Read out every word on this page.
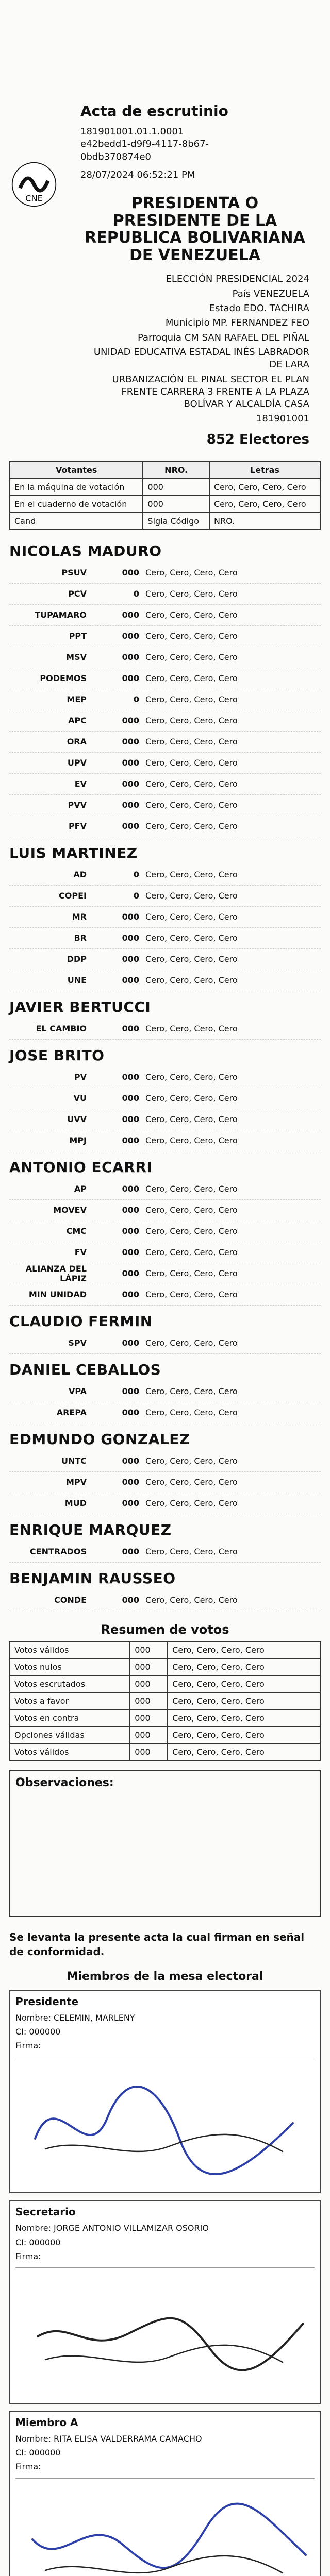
CNE
Acta de escrutinio
181901001.01.1.0001
e42bedd1-d9f9-4117-8b67-
0bdb370874e0
28/07/2024 06:52:21 PM
PRESIDENTA O PRESIDENTE DE LA REPUBLICA BOLIVARIANA DE VENEZUELA
ELECCIÓN PRESIDENCIAL 2024
País VENEZUELA
Estado EDO. TACHIRA
Municipio MP. FERNANDEZ FEO
Parroquia CM SAN RAFAEL DEL PIÑAL
UNIDAD EDUCATIVA ESTADAL INÉS LABRADOR DE LARA
URBANIZACIÓN EL PINAL SECTOR EL PLAN FRENTE CARRERA 3 FRENTE A LA PLAZA BOLÍVAR Y ALCALDÍA CASA
181901001
852 Electores
Votantes	NRO.	Letras
En la máquina de votación	000	Cero, Cero, Cero, Cero
En el cuaderno de votación	000	Cero, Cero, Cero, Cero
Cand	Sigla Código	NRO.
NICOLAS MADURO
PSUV	000 Cero, Cero, Cero, Cero
PCV	0 Cero, Cero, Cero, Cero
TUPAMARO	000 Cero, Cero, Cero, Cero
PPT	000 Cero, Cero, Cero, Cero
MSV	000 Cero, Cero, Cero, Cero
PODEMOS	000 Cero, Cero, Cero, Cero
MEP	0 Cero, Cero, Cero, Cero
APC	000 Cero, Cero, Cero, Cero
ORA	000 Cero, Cero, Cero, Cero
UPV	000 Cero, Cero, Cero, Cero
EV	000 Cero, Cero, Cero, Cero
PVV	000 Cero, Cero, Cero, Cero
PFV	000 Cero, Cero, Cero, Cero
LUIS MARTINEZ
AD	0 Cero, Cero, Cero, Cero
COPEI	0 Cero, Cero, Cero, Cero
MR	000 Cero, Cero, Cero, Cero
BR	000 Cero, Cero, Cero, Cero
DDP	000 Cero, Cero, Cero, Cero
UNE	000 Cero, Cero, Cero, Cero
JAVIER BERTUCCI
EL CAMBIO	000 Cero, Cero, Cero, Cero
JOSE BRITO
PV	000 Cero, Cero, Cero, Cero
VU	000 Cero, Cero, Cero, Cero
UVV	000 Cero, Cero, Cero, Cero
MPJ	000 Cero, Cero, Cero, Cero
ANTONIO ECARRI
AP	000 Cero, Cero, Cero, Cero
MOVEV	000 Cero, Cero, Cero, Cero
CMC	000 Cero, Cero, Cero, Cero
FV	000 Cero, Cero, Cero, Cero
ALIANZA DEL LÁPIZ	000 Cero, Cero, Cero, Cero
MIN UNIDAD	000 Cero, Cero, Cero, Cero
CLAUDIO FERMIN
SPV	000 Cero, Cero, Cero, Cero
DANIEL CEBALLOS
VPA	000 Cero, Cero, Cero, Cero
AREPA	000 Cero, Cero, Cero, Cero
EDMUNDO GONZALEZ
UNTC	000 Cero, Cero, Cero, Cero
MPV	000 Cero, Cero, Cero, Cero
MUD	000 Cero, Cero, Cero, Cero
ENRIQUE MARQUEZ
CENTRADOS	000 Cero, Cero, Cero, Cero
BENJAMIN RAUSSEO
CONDE	000 Cero, Cero, Cero, Cero
Resumen de votos
Votos válidos	000	Cero, Cero, Cero, Cero
Votos nulos	000	Cero, Cero, Cero, Cero
Votos escrutados	000	Cero, Cero, Cero, Cero
Votos a favor	000	Cero, Cero, Cero, Cero
Votos en contra	000	Cero, Cero, Cero, Cero
Opciones válidas	000	Cero, Cero, Cero, Cero
Votos válidos	000	Cero, Cero, Cero, Cero
Observaciones:
Se levanta la presente acta la cual firman en señal de conformidad.
Miembros de la mesa electoral
Presidente
Nombre: CELEMIN, MARLENY
CI: 000000
Firma:
Secretario
Nombre: JORGE ANTONIO VILLAMIZAR OSORIO
CI: 000000
Firma:
Miembro A
Nombre: RITA ELISA VALDERRAMA CAMACHO
CI: 000000
Firma:
